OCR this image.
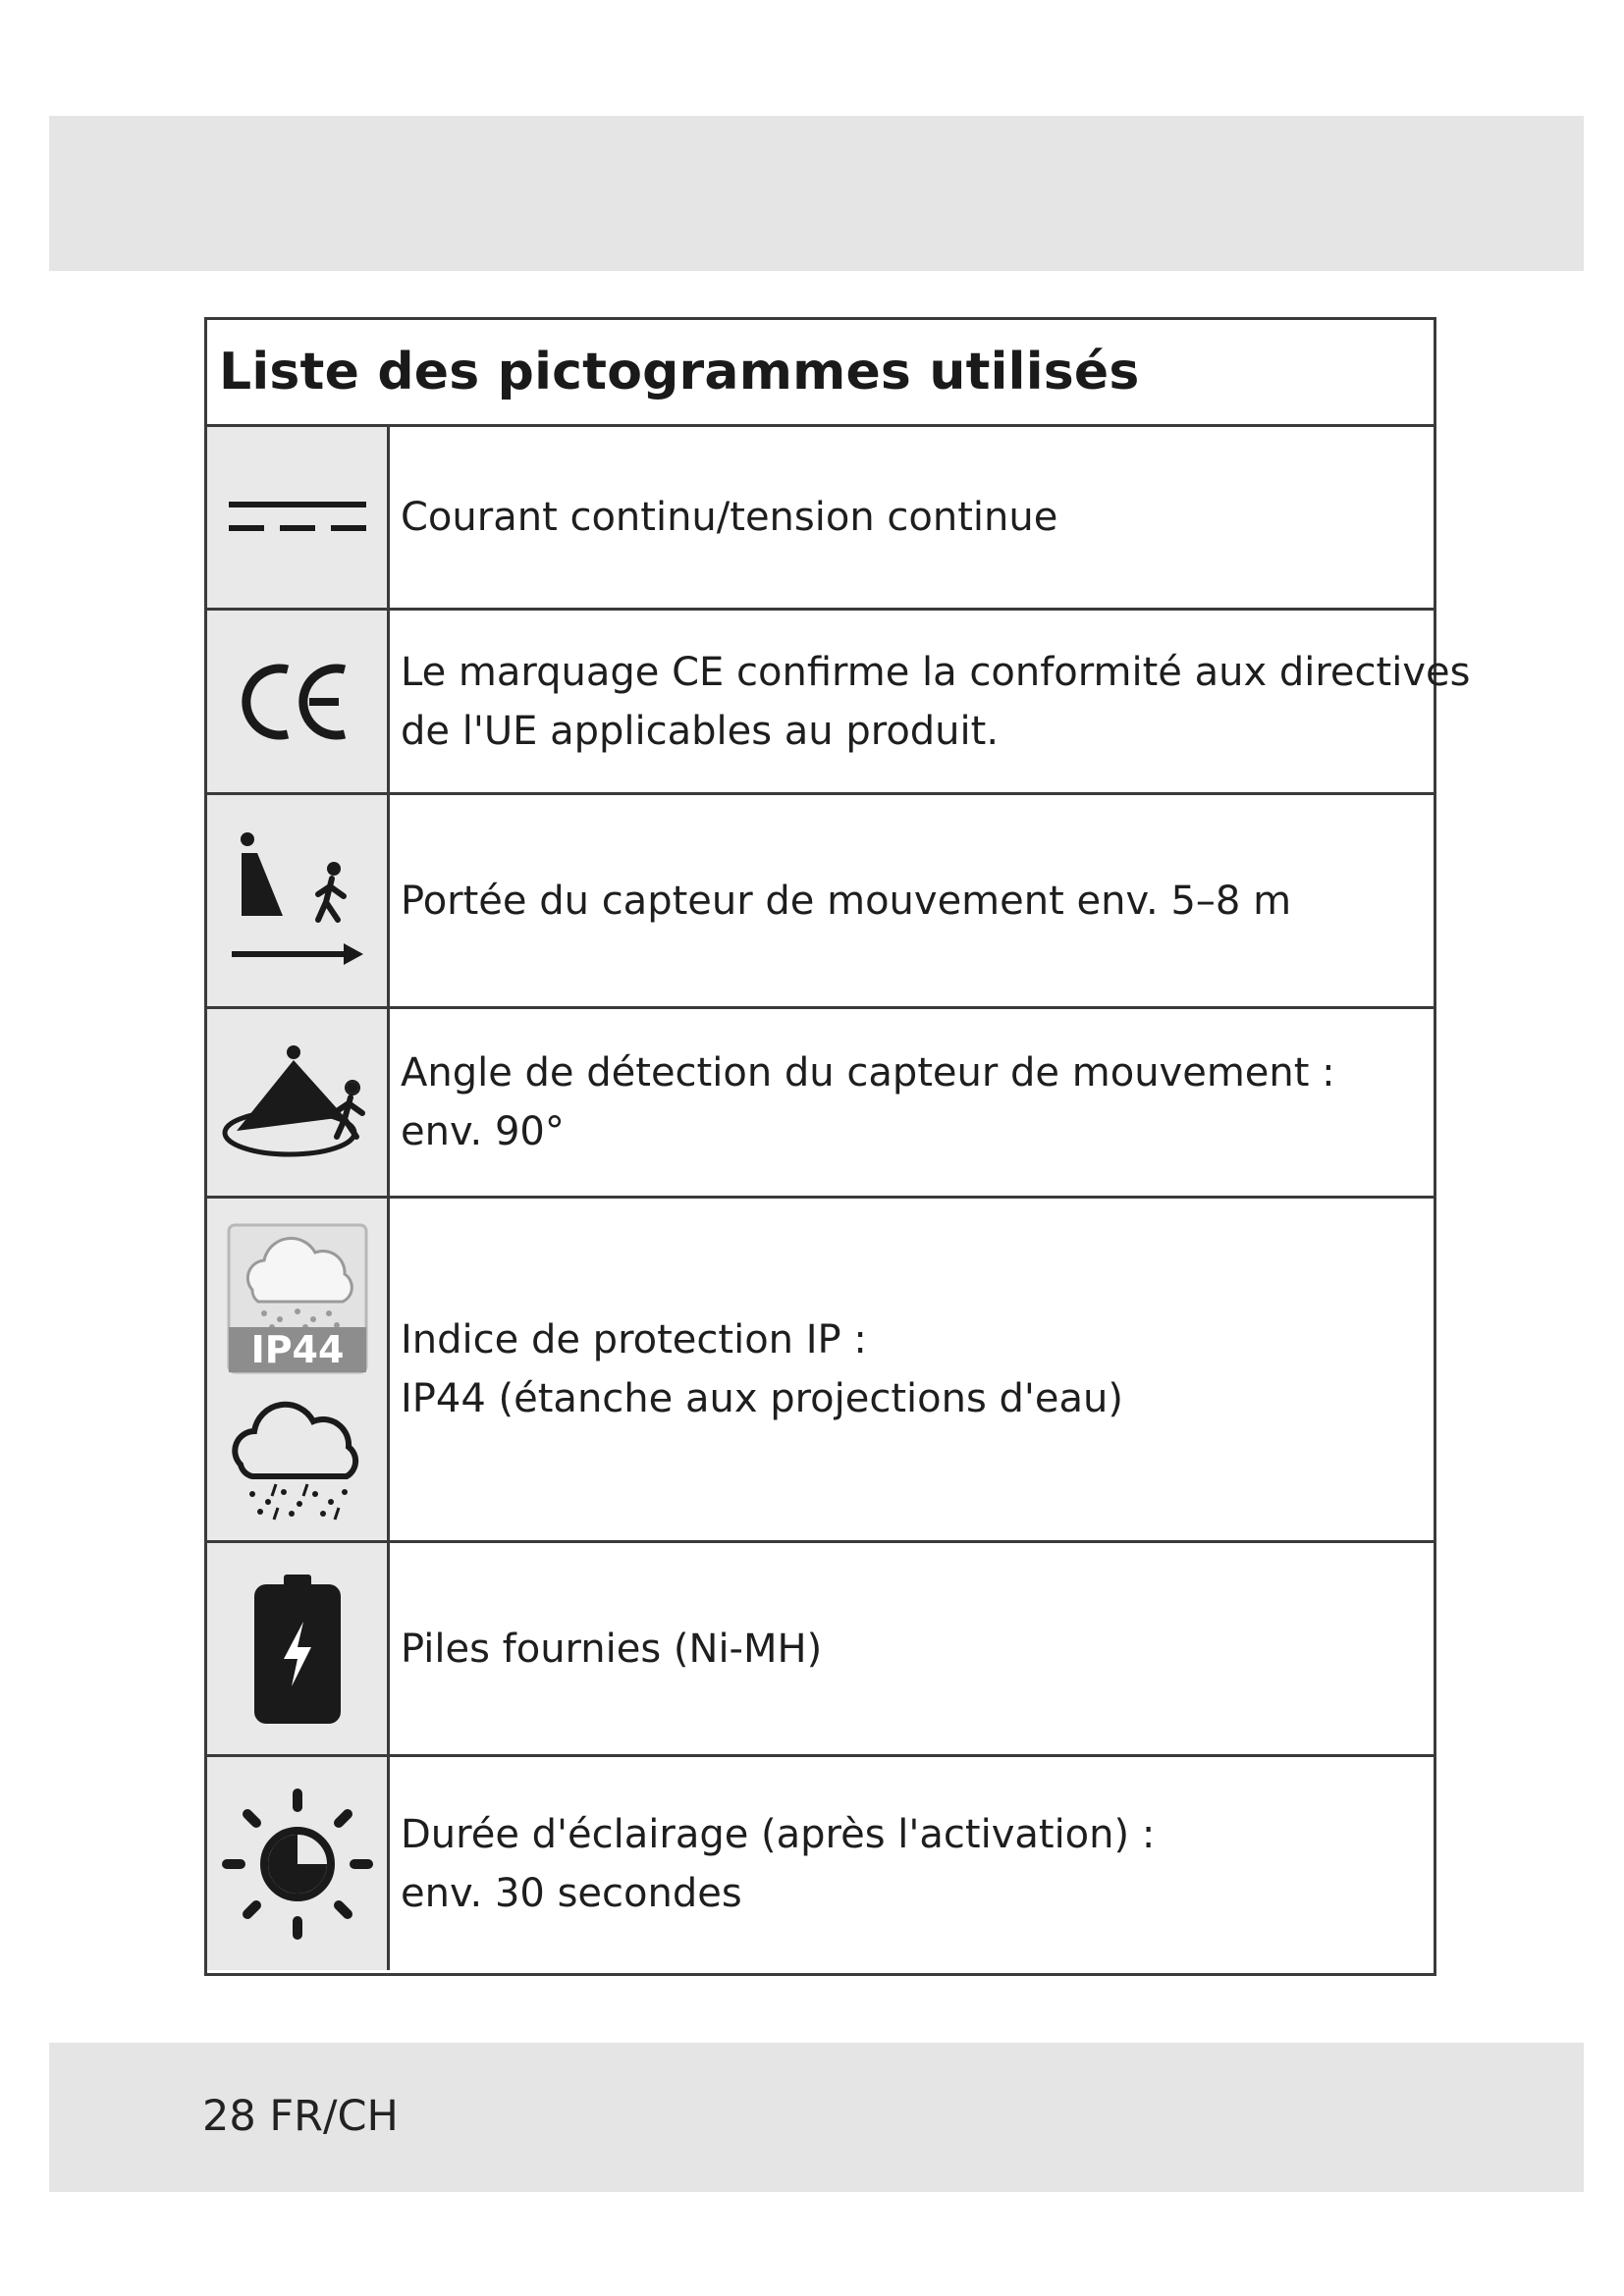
Liste des pictogrammes utilisés
Courant continu/tension continue
Le marquage CE confirme la conformité aux directives
de l'UE applicables au produit.
Portée du capteur de mouvement env. 5–8 m
Angle de détection du capteur de mouvement :
env. 90°
IP44 Indice de protection IP :
IP44 (étanche aux projections d'eau)
Piles fournies (Ni-MH)
Durée d'éclairage (après l'activation) :
env. 30 secondes
28 FR/CH
